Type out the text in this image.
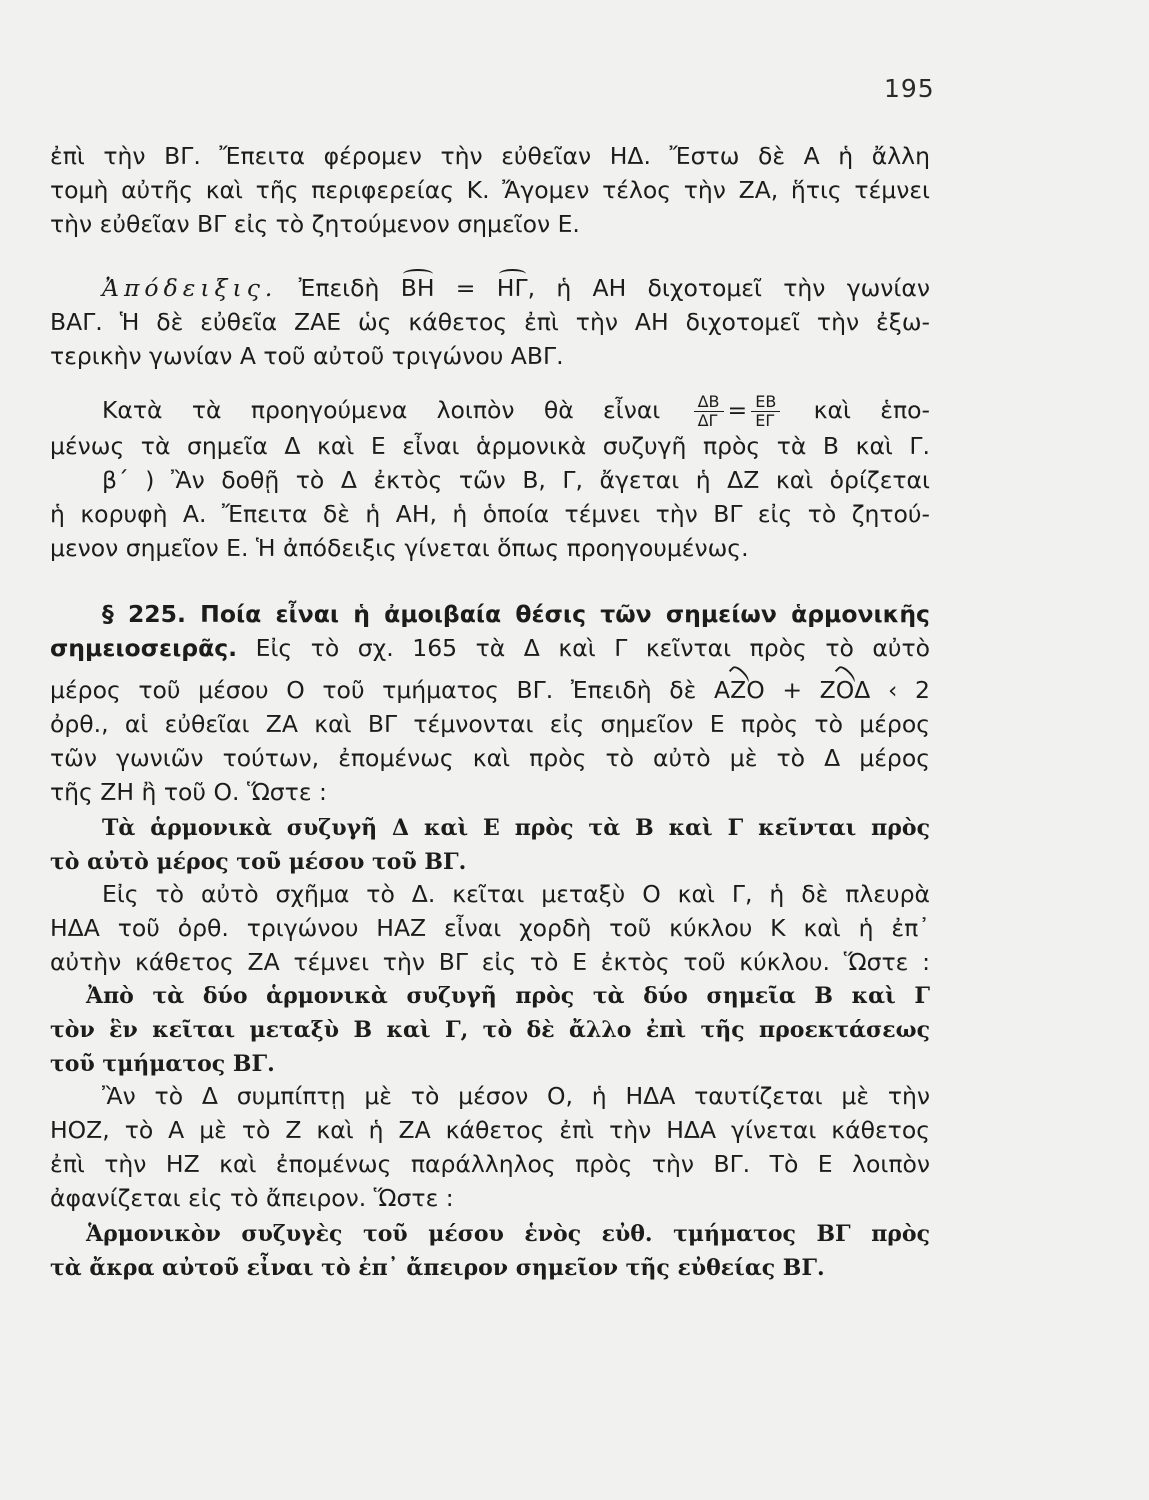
195
ἐπὶ τὴν ΒΓ. Ἔπειτα φέρομεν τὴν εὐθεῖαν ΗΔ. Ἔστω δὲ Α ἡ ἄλλη
τομὴ αὐτῆς καὶ τῆς περιφερείας Κ. Ἄγομεν τέλος τὴν ΖΑ, ἥτις τέμνει
τὴν εὐθεῖαν ΒΓ εἰς τὸ ζητούμενον σημεῖον Ε.
Ἀπόδειξις. Ἐπειδὴ ΒΗ = ΗΓ, ἡ ΑΗ διχοτομεῖ τὴν γωνίαν
ΒΑΓ. Ἡ δὲ εὐθεῖα ΖΑΕ ὡς κάθετος ἐπὶ τὴν ΑΗ διχοτομεῖ τὴν ἐξω-
τερικὴν γωνίαν Α τοῦ αὐτοῦ τριγώνου ΑΒΓ.
Κατὰ τὰ προηγούμενα λοιπὸν θὰ εἶναι $\frac{\Delta B}{\Delta\Gamma} = \frac{EB}{E\Gamma}$ καὶ ἑπο-
μένως τὰ σημεῖα Δ καὶ Ε εἶναι ἁρμονικὰ συζυγῆ πρὸς τὰ Β καὶ Γ.
β΄ ) Ἂν δοθῇ τὸ Δ ἐκτὸς τῶν Β, Γ, ἄγεται ἡ ΔΖ καὶ ὁρίζεται
ἡ κορυφὴ Α. Ἔπειτα δὲ ἡ ΑΗ, ἡ ὁποία τέμνει τὴν ΒΓ εἰς τὸ ζητού-
μενον σημεῖον Ε. Ἡ ἀπόδειξις γίνεται ὅπως προηγουμένως.
§ 225. Ποία εἶναι ἡ ἀμοιβαία θέσις τῶν σημείων ἁρμονικῆς
σημειοσειρᾶς. Εἰς τὸ σχ. 165 τὰ Δ καὶ Γ κεῖνται πρὸς τὸ αὐτὸ
μέρος τοῦ μέσου Ο τοῦ τμήματος ΒΓ. Ἐπειδὴ δὲ ΑΖΟ + ΖΟΔ ‹ 2
ὀρθ., αἱ εὐθεῖαι ΖΑ καὶ ΒΓ τέμνονται εἰς σημεῖον Ε πρὸς τὸ μέρος
τῶν γωνιῶν τούτων, ἐπομένως καὶ πρὸς τὸ αὐτὸ μὲ τὸ Δ μέρος
τῆς ΖΗ ἢ τοῦ Ο. Ὥστε :
Τὰ ἁρμονικὰ συζυγῆ Δ καὶ Ε πρὸς τὰ Β καὶ Γ κεῖνται πρὸς
τὸ αὐτὸ μέρος τοῦ μέσου τοῦ ΒΓ.
Εἰς τὸ αὐτὸ σχῆμα τὸ Δ. κεῖται μεταξὺ Ο καὶ Γ, ἡ δὲ πλευρὰ
ΗΔΑ τοῦ ὀρθ. τριγώνου ΗΑΖ εἶναι χορδὴ τοῦ κύκλου Κ καὶ ἡ ἐπ᾽
αὐτὴν κάθετος ΖΑ τέμνει τὴν ΒΓ εἰς τὸ Ε ἐκτὸς τοῦ κύκλου. Ὥστε :
Ἀπὸ τὰ δύο ἁρμονικὰ συζυγῆ πρὸς τὰ δύο σημεῖα Β καὶ Γ
τὸν ἓν κεῖται μεταξὺ Β καὶ Γ, τὸ δὲ ἄλλο ἐπὶ τῆς προεκτάσεως
τοῦ τμήματος ΒΓ.
Ἂν τὸ Δ συμπίπτῃ μὲ τὸ μέσον Ο, ἡ ΗΔΑ ταυτίζεται μὲ τὴν
ΗΟΖ, τὸ Α μὲ τὸ Ζ καὶ ἡ ΖΑ κάθετος ἐπὶ τὴν ΗΔΑ γίνεται κάθετος
ἐπὶ τὴν ΗΖ καὶ ἐπομένως παράλληλος πρὸς τὴν ΒΓ. Τὸ Ε λοιπὸν
ἀφανίζεται εἰς τὸ ἄπειρον. Ὥστε :
Ἁρμονικὸν συζυγὲς τοῦ μέσου ἑνὸς εὐθ. τμήματος ΒΓ πρὸς
τὰ ἄκρα αὐτοῦ εἶναι τὸ ἐπ᾽ ἄπειρον σημεῖον τῆς εὐθείας ΒΓ.
